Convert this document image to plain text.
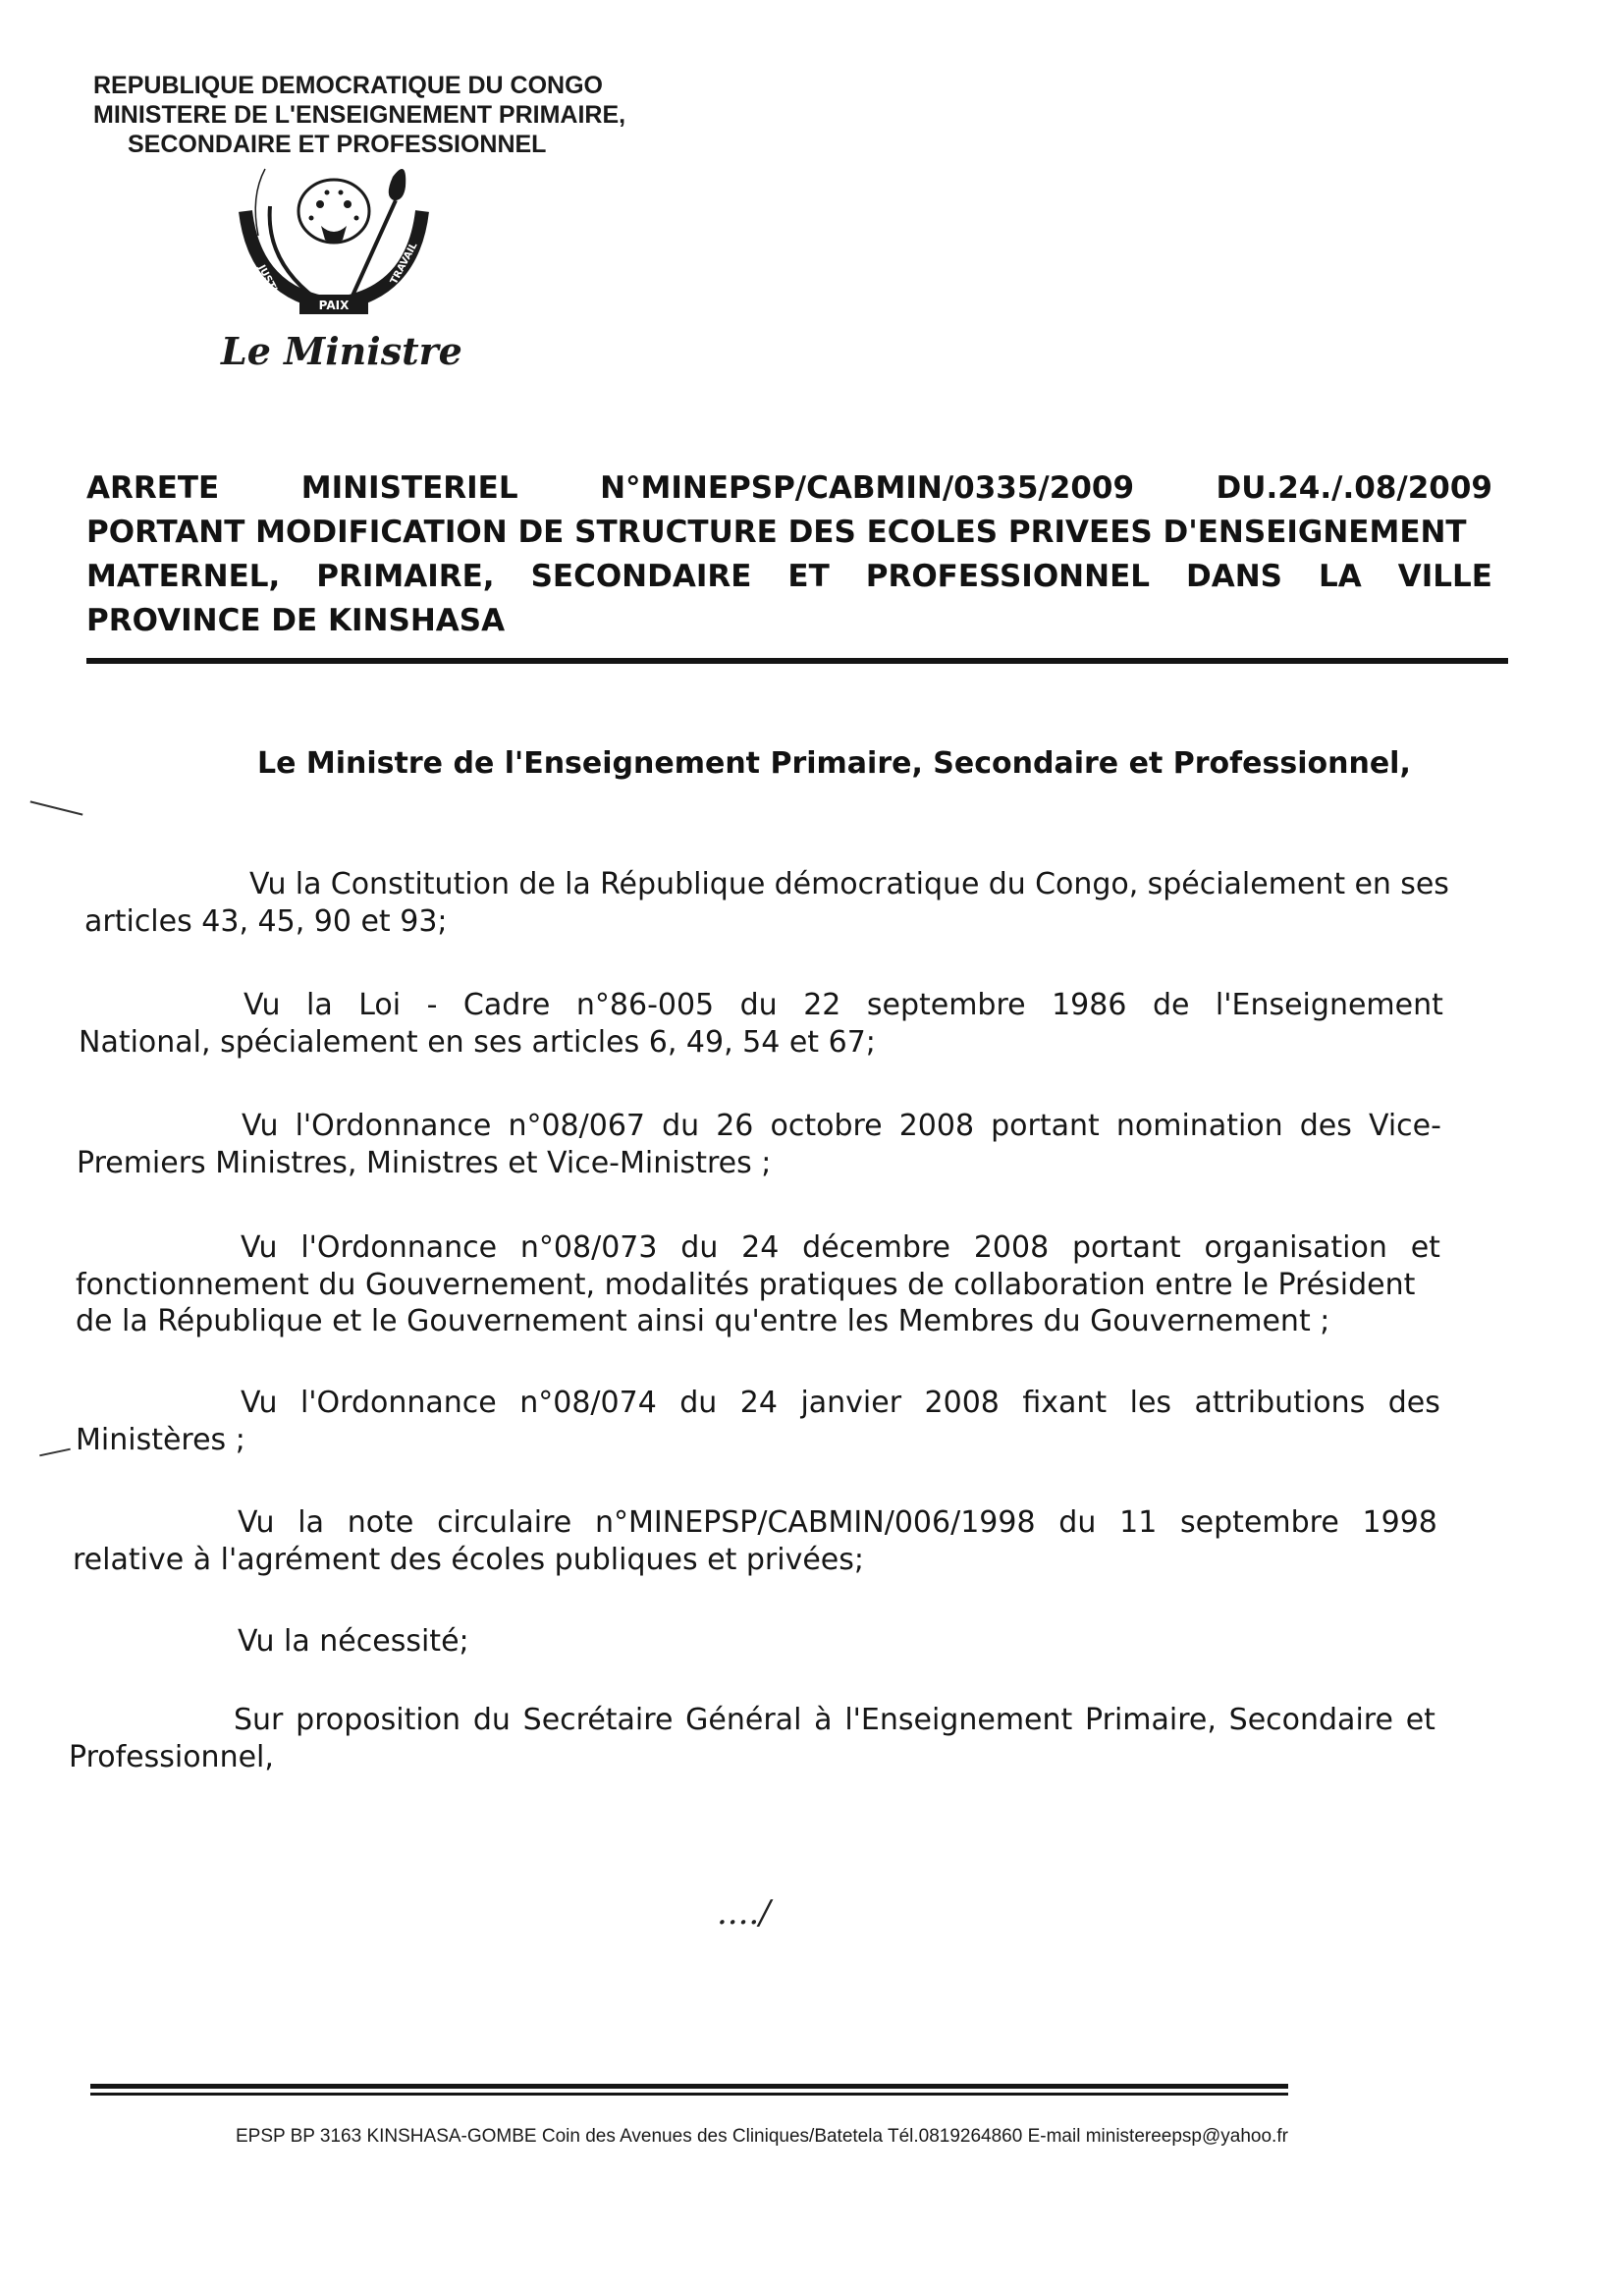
REPUBLIQUE DEMOCRATIQUE DU CONGO
MINISTERE DE L'ENSEIGNEMENT PRIMAIRE,
SECONDAIRE ET PROFESSIONNEL
PAIX
JUSTICE	TRAVAIL
Le Ministre
ARRETE	MINISTERIEL	N°MINEPSP/CABMIN/0335/2009	DU.24./.08/2009
PORTANT MODIFICATION DE STRUCTURE DES ECOLES PRIVEES D'ENSEIGNEMENT
MATERNEL, PRIMAIRE, SECONDAIRE ET PROFESSIONNEL DANS LA VILLE
PROVINCE DE KINSHASA
Le Ministre de l'Enseignement Primaire, Secondaire et Professionnel,
Vu la Constitution de la République démocratique du Congo, spécialement en ses
articles 43, 45, 90 et 93;
Vu la Loi - Cadre n°86-005 du 22 septembre 1986 de l'Enseignement
National, spécialement en ses articles 6, 49, 54 et 67;
Vu l'Ordonnance n°08/067 du 26 octobre 2008 portant nomination des Vice-
Premiers Ministres, Ministres et Vice-Ministres ;
Vu l'Ordonnance n°08/073 du 24 décembre 2008 portant organisation et
fonctionnement du Gouvernement, modalités pratiques de collaboration entre le Président
de la République et le Gouvernement ainsi qu'entre les Membres du Gouvernement ;
Vu l'Ordonnance n°08/074 du 24 janvier 2008 fixant les attributions des
Ministères ;
Vu la note circulaire n°MINEPSP/CABMIN/006/1998 du 11 septembre 1998
relative à l'agrément des écoles publiques et privées;
Vu la nécessité;
Sur proposition du Secrétaire Général à l'Enseignement Primaire, Secondaire et
Professionnel,
..../
EPSP BP 3163 KINSHASA-GOMBE Coin des Avenues des Cliniques/Batetela Tél.0819264860 E-mail ministereepsp@yahoo.fr
